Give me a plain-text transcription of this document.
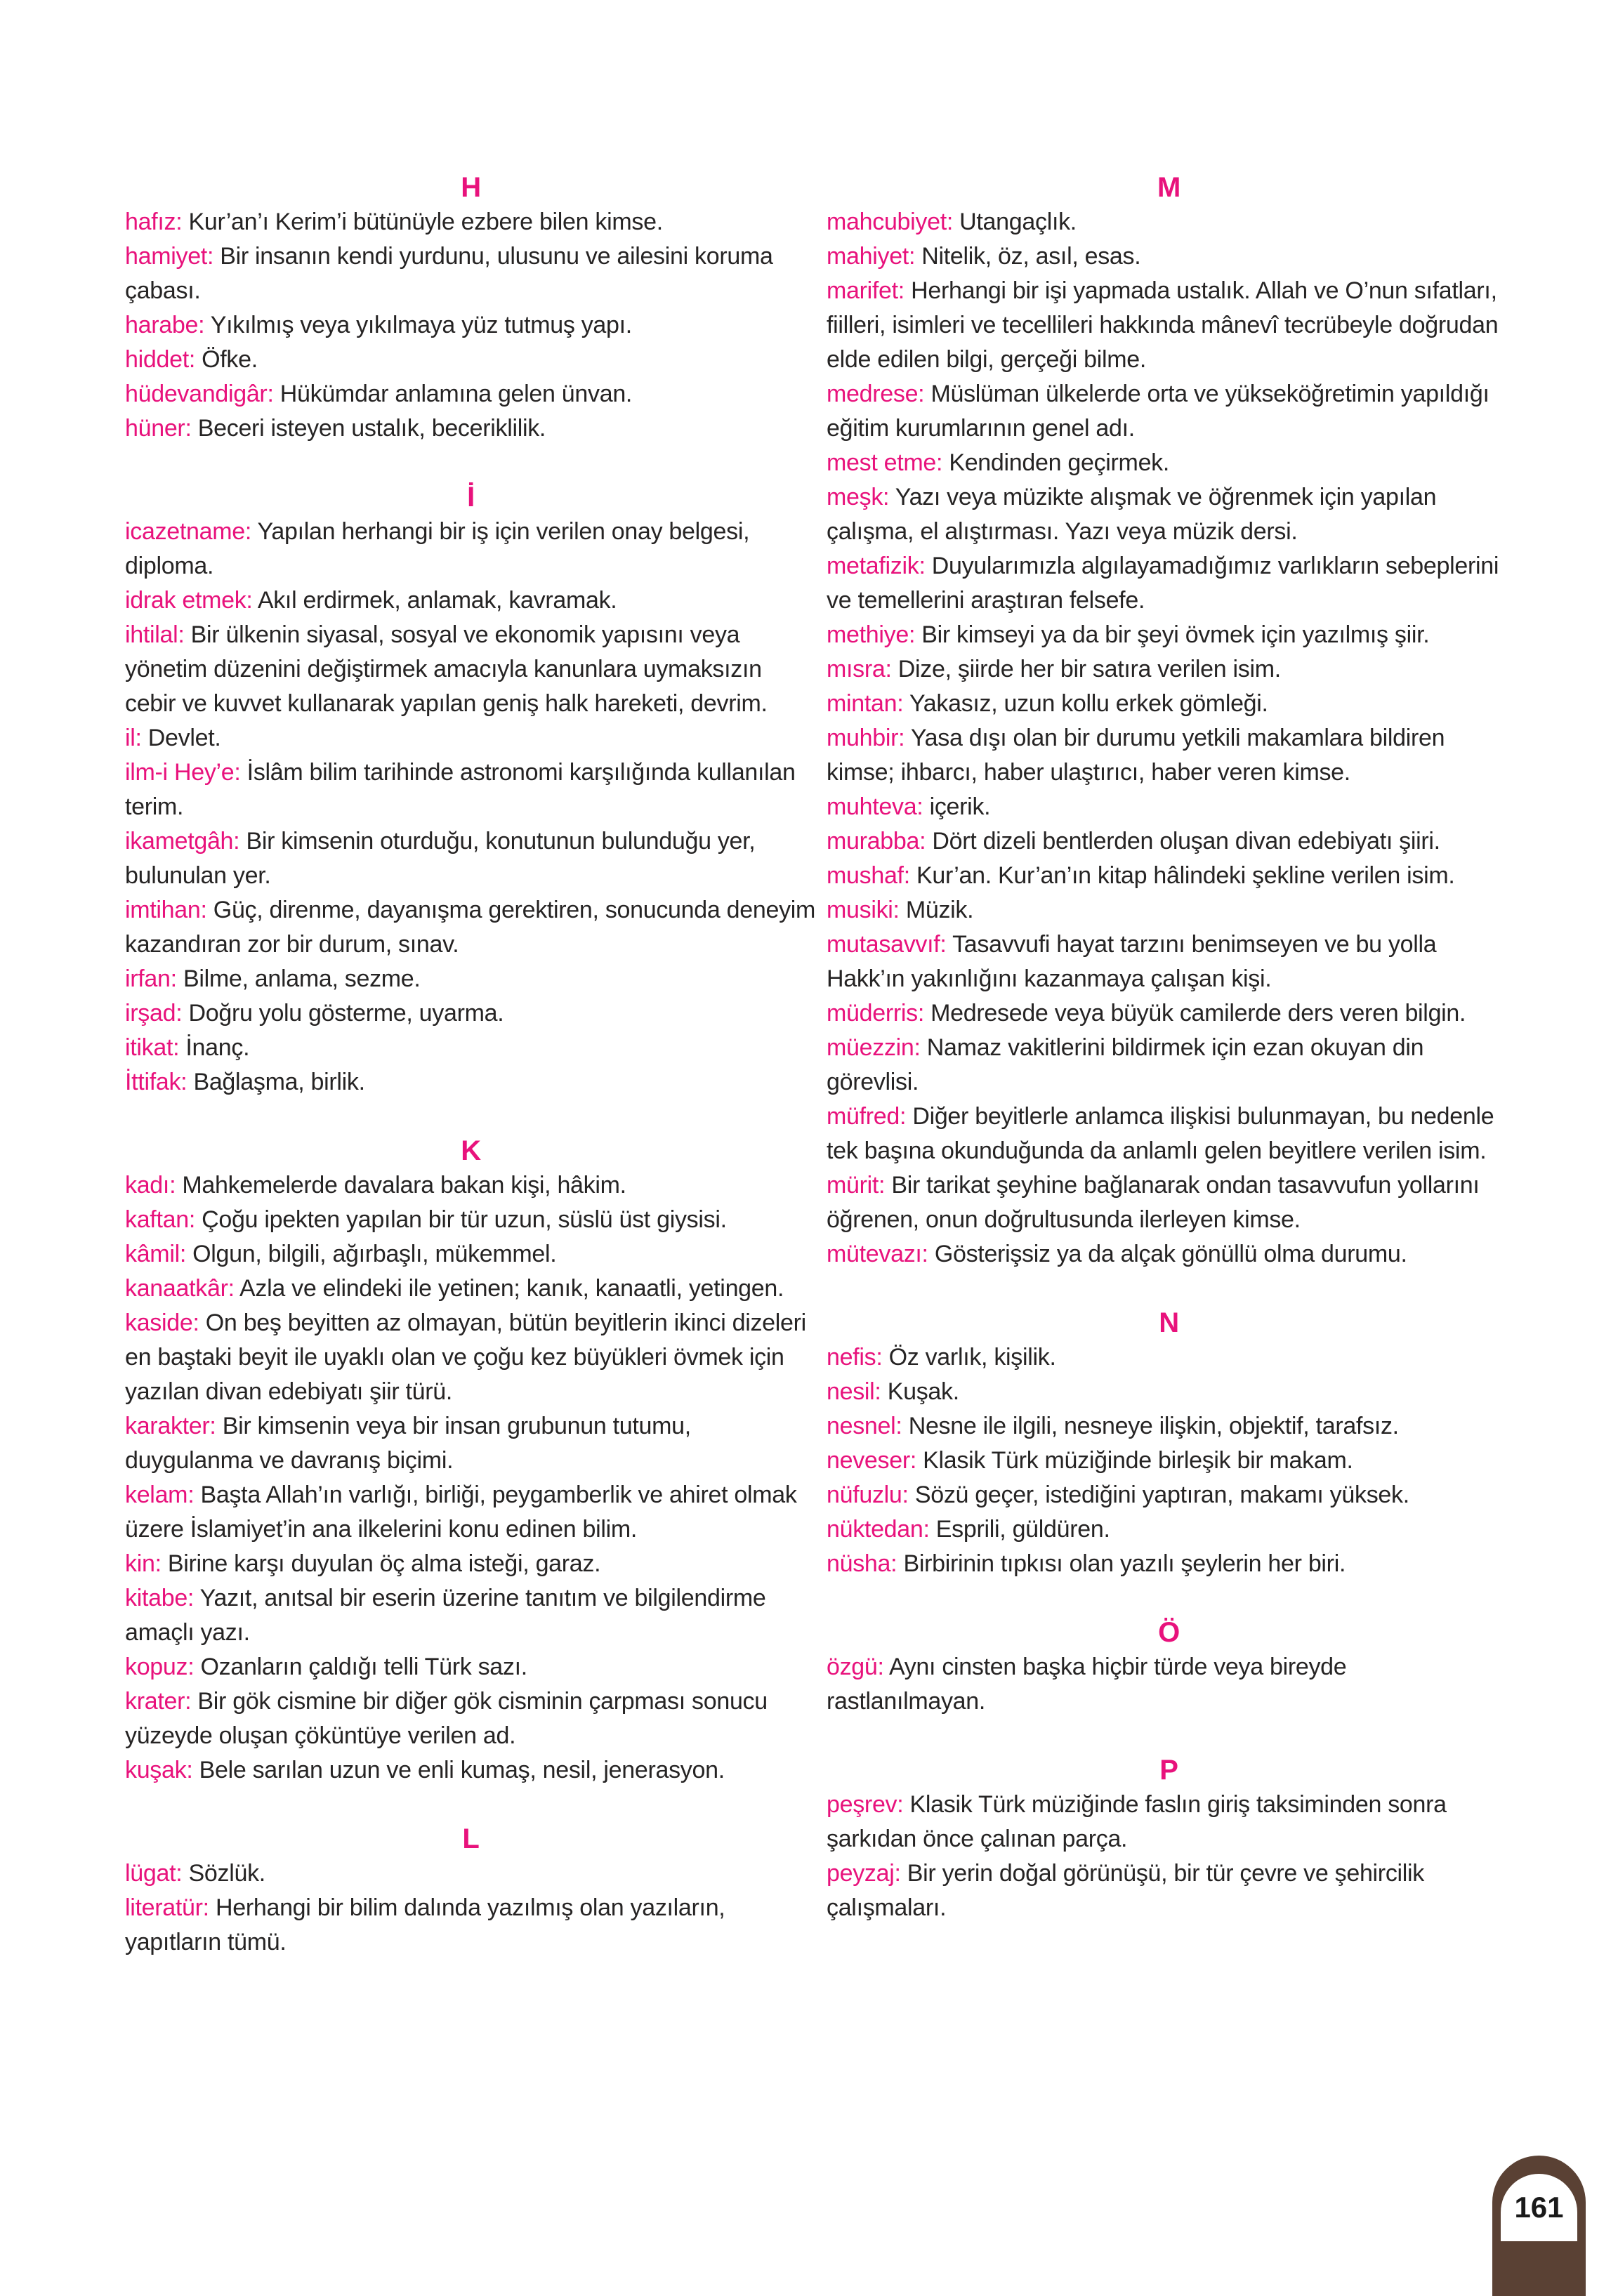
H
hafız: Kur’an’ı Kerim’i bütünüyle ezbere bilen kimse.
hamiyet: Bir insanın kendi yurdunu, ulusunu ve ailesini koruma çabası.
harabe: Yıkılmış veya yıkılmaya yüz tutmuş yapı.
hiddet: Öfke.
hüdevandigâr: Hükümdar anlamına gelen ünvan.
hüner: Beceri isteyen ustalık, beceriklilik.
İ
icazetname: Yapılan herhangi bir iş için verilen onay belgesi, diploma.
idrak etmek: Akıl erdirmek, anlamak, kavramak.
ihtilal: Bir ülkenin siyasal, sosyal ve ekonomik yapısını veya yönetim düzenini değiştirmek amacıyla kanunlara uymaksızın cebir ve kuvvet kullanarak yapılan geniş halk hareketi, devrim.
il: Devlet.
ilm-i Hey’e: İslâm bilim tarihinde astronomi karşılığında kullanılan terim.
ikametgâh: Bir kimsenin oturduğu, konutunun bulunduğu yer, bulunulan yer.
imtihan: Güç, direnme, dayanışma gerektiren, sonucunda deneyim kazandıran zor bir durum, sınav.
irfan: Bilme, anlama, sezme.
irşad: Doğru yolu gösterme, uyarma.
itikat: İnanç.
İttifak: Bağlaşma, birlik.
K
kadı: Mahkemelerde davalara bakan kişi, hâkim.
kaftan: Çoğu ipekten yapılan bir tür uzun, süslü üst giysisi.
kâmil: Olgun, bilgili, ağırbaşlı, mükemmel.
kanaatkâr: Azla ve elindeki ile yetinen; kanık, kanaatli, yetingen.
kaside: On beş beyitten az olmayan, bütün beyitlerin ikinci dizeleri en baştaki beyit ile uyaklı olan ve çoğu kez büyükleri övmek için yazılan divan edebiyatı şiir türü.
karakter: Bir kimsenin veya bir insan grubunun tutumu, duygulanma ve davranış biçimi.
kelam: Başta Allah’ın varlığı, birliği, peygamberlik ve ahiret olmak üzere İslamiyet’in ana ilkelerini konu edinen bilim.
kin: Birine karşı duyulan öç alma isteği, garaz.
kitabe: Yazıt, anıtsal bir eserin üzerine tanıtım ve bilgilendirme amaçlı yazı.
kopuz: Ozanların çaldığı telli Türk sazı.
krater: Bir gök cismine bir diğer gök cisminin çarpması sonucu yüzeyde oluşan çöküntüye verilen ad.
kuşak: Bele sarılan uzun ve enli kumaş, nesil, jenerasyon.
L
lügat: Sözlük.
literatür: Herhangi bir bilim dalında yazılmış olan yazıların, yapıtların tümü.
M
mahcubiyet: Utangaçlık.
mahiyet: Nitelik, öz, asıl, esas.
marifet: Herhangi bir işi yapmada ustalık. Allah ve O’nun sıfatları, fiilleri, isimleri ve tecellileri hakkında mânevî tecrübeyle doğrudan elde edilen bilgi, gerçeği bilme.
medrese: Müslüman ülkelerde orta ve yükseköğretimin yapıldığı eğitim kurumlarının genel adı.
mest etme: Kendinden geçirmek.
meşk: Yazı veya müzikte alışmak ve öğrenmek için yapılan çalışma, el alıştırması. Yazı veya müzik dersi.
metafizik: Duyularımızla algılayamadığımız varlıkların sebeplerini ve temellerini araştıran felsefe.
methiye: Bir kimseyi ya da bir şeyi övmek için yazılmış şiir.
mısra: Dize, şiirde her bir satıra verilen isim.
mintan: Yakasız, uzun kollu erkek gömleği.
muhbir: Yasa dışı olan bir durumu yetkili makamlara bildiren kimse; ihbarcı, haber ulaştırıcı, haber veren kimse.
muhteva: içerik.
murabba: Dört dizeli bentlerden oluşan divan edebiyatı şiiri.
mushaf: Kur’an. Kur’an’ın kitap hâlindeki şekline verilen isim.
musiki: Müzik.
mutasavvıf: Tasavvufi hayat tarzını benimseyen ve bu yolla Hakk’ın yakınlığını kazanmaya çalışan kişi.
müderris: Medresede veya büyük camilerde ders veren bilgin.
müezzin: Namaz vakitlerini bildirmek için ezan okuyan din görevlisi.
müfred: Diğer beyitlerle anlamca ilişkisi bulunmayan, bu nedenle tek başına okunduğunda da anlamlı gelen beyitlere verilen isim.
mürit: Bir tarikat şeyhine bağlanarak ondan tasavvufun yollarını öğrenen, onun doğrultusunda ilerleyen kimse.
mütevazı: Gösterişsiz ya da alçak gönüllü olma durumu.
N
nefis: Öz varlık, kişilik.
nesil: Kuşak.
nesnel: Nesne ile ilgili, nesneye ilişkin, objektif, tarafsız.
neveser: Klasik Türk müziğinde birleşik bir makam.
nüfuzlu: Sözü geçer, istediğini yaptıran, makamı yüksek.
nüktedan: Esprili, güldüren.
nüsha: Birbirinin tıpkısı olan yazılı şeylerin her biri.
Ö
özgü: Aynı cinsten başka hiçbir türde veya bireyde rastlanılmayan.
P
peşrev: Klasik Türk müziğinde faslın giriş taksiminden sonra şarkıdan önce çalınan parça.
peyzaj: Bir yerin doğal görünüşü, bir tür çevre ve şehircilik çalışmaları.
161
